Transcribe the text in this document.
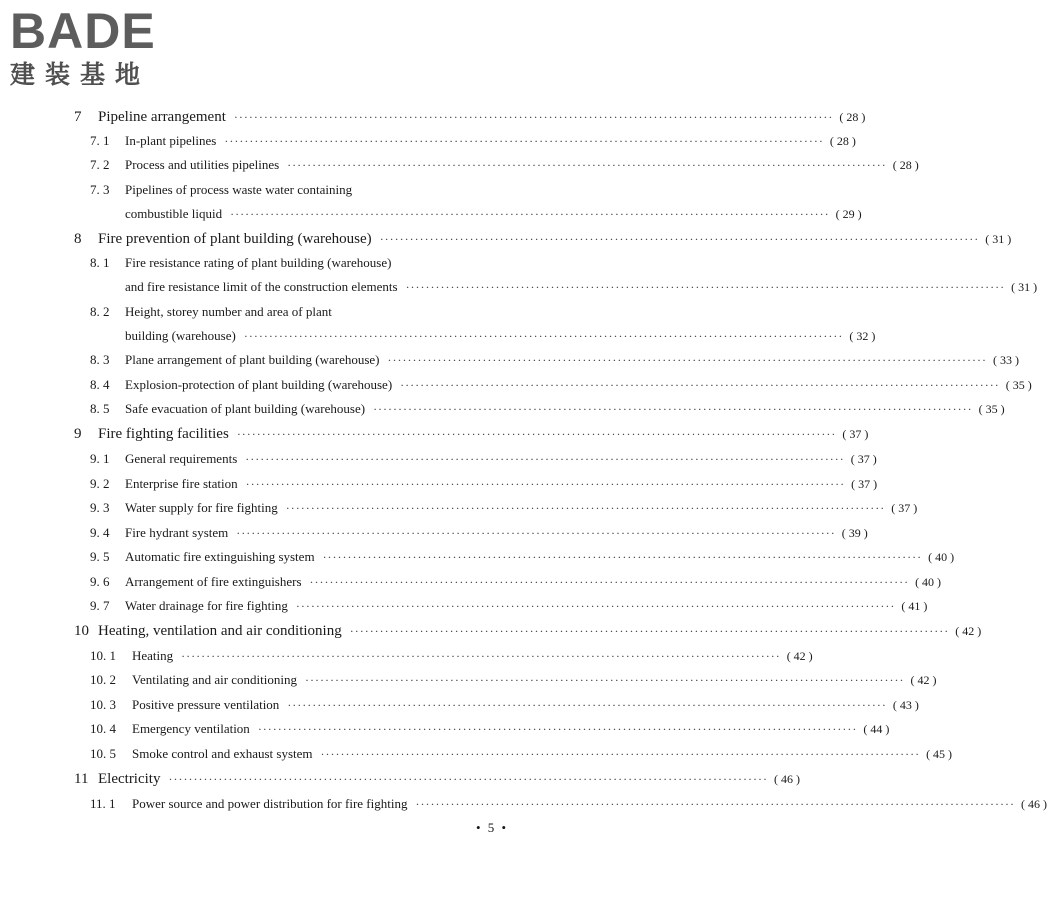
BADE
建装基地
7 Pipeline arrangement ························································································································ ( 28 )
7. 1 In-plant pipelines ························································································································ ( 28 )
7. 2 Process and utilities pipelines ························································································································ ( 28 )
7. 3 Pipelines of process waste water containing
combustible liquid ························································································································ ( 29 )
8 Fire prevention of plant building (warehouse) ························································································································ ( 31 )
8. 1 Fire resistance rating of plant building (warehouse)
and fire resistance limit of the construction elements ························································································································ ( 31 )
8. 2 Height, storey number and area of plant
building (warehouse) ························································································································ ( 32 )
8. 3 Plane arrangement of plant building (warehouse) ························································································································ ( 33 )
8. 4 Explosion-protection of plant building (warehouse) ························································································································ ( 35 )
8. 5 Safe evacuation of plant building (warehouse) ························································································································ ( 35 )
9 Fire fighting facilities ························································································································ ( 37 )
9. 1 General requirements ························································································································ ( 37 )
9. 2 Enterprise fire station ························································································································ ( 37 )
9. 3 Water supply for fire fighting ························································································································ ( 37 )
9. 4 Fire hydrant system ························································································································ ( 39 )
9. 5 Automatic fire extinguishing system ························································································································ ( 40 )
9. 6 Arrangement of fire extinguishers ························································································································ ( 40 )
9. 7 Water drainage for fire fighting ························································································································ ( 41 )
10 Heating, ventilation and air conditioning ························································································································ ( 42 )
10. 1 Heating ························································································································ ( 42 )
10. 2 Ventilating and air conditioning ························································································································ ( 42 )
10. 3 Positive pressure ventilation ························································································································ ( 43 )
10. 4 Emergency ventilation ························································································································ ( 44 )
10. 5 Smoke control and exhaust system ························································································································ ( 45 )
11 Electricity ························································································································ ( 46 )
11. 1 Power source and power distribution for fire fighting ························································································································ ( 46 )
• 5 •
